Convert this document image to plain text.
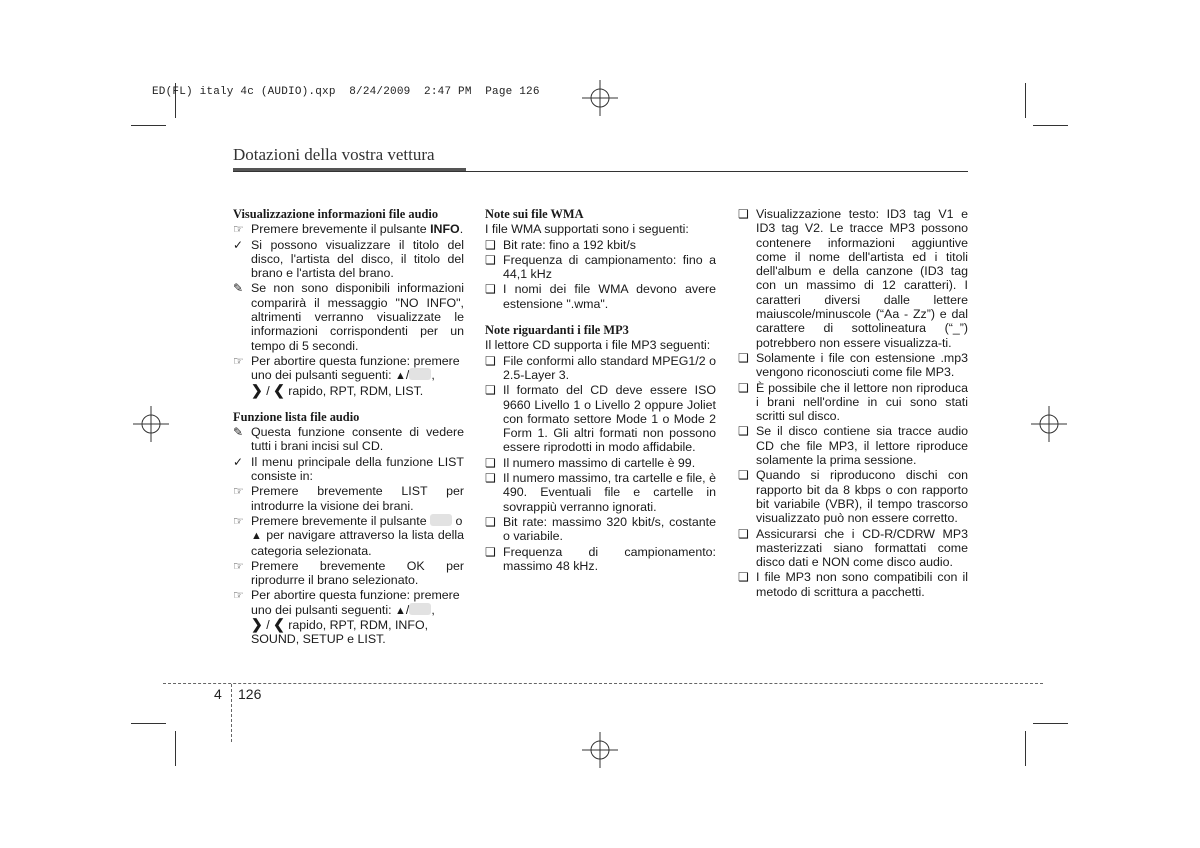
ED(FL) italy 4c (AUDIO).qxp  8/24/2009  2:47 PM  Page 126
Dotazioni della vostra vettura
Visualizzazione informazioni file audio
☞ Premere brevemente il pulsante INFO.
✓ Si possono visualizzare il titolo del disco, l'artista del disco, il titolo del brano e l'artista del brano.
✎ Se non sono disponibili informazioni comparirà il messaggio "NO INFO", altrimenti verranno visualizzate le informazioni corrispondenti per un tempo di 5 secondi.
☞ Per abortire questa funzione: premere uno dei pulsanti seguenti: ▲/ ,
❯ / ❮ rapido, RPT, RDM, LIST.
Funzione lista file audio
✎ Questa funzione consente di vedere tutti i brani incisi sul CD.
✓ Il menu principale della funzione LIST consiste in:
☞ Premere brevemente LIST per introdurre la visione dei brani.
☞ Premere brevemente il pulsante  o
▲ per navigare attraverso la lista della categoria selezionata.
☞ Premere brevemente OK per riprodurre il brano selezionato.
☞ Per abortire questa funzione: premere uno dei pulsanti seguenti: ▲/ ,
❯ / ❮ rapido, RPT, RDM, INFO, SOUND, SETUP e LIST.
Note sui file WMA
I file WMA supportati sono i seguenti:
❑ Bit rate: fino a 192 kbit/s
❑ Frequenza di campionamento: fino a 44,1 kHz
❑ I nomi dei file WMA devono avere estensione ".wma".
Note riguardanti i file MP3
Il lettore CD supporta i file MP3 seguenti:
❑ File conformi allo standard MPEG1/2 o 2.5-Layer 3.
❑ Il formato del CD deve essere ISO 9660 Livello 1 o Livello 2 oppure Joliet con formato settore Mode 1 o Mode 2 Form 1. Gli altri formati non possono essere riprodotti in modo affidabile.
❑ Il numero massimo di cartelle è 99.
❑ Il numero massimo, tra cartelle e file, è 490. Eventuali file e cartelle in sovrappiù verranno ignorati.
❑ Bit rate: massimo 320 kbit/s, costante o variabile.
❑ Frequenza di campionamento: massimo 48 kHz.
❑ Visualizzazione testo: ID3 tag V1 e ID3 tag V2. Le tracce MP3 possono contenere informazioni aggiuntive come il nome dell'artista ed i titoli dell'album e della canzone (ID3 tag con un massimo di 12 caratteri). I caratteri diversi dalle lettere maiuscole/minuscole (“Aa - Zz”) e dal carattere di sottolineatura (“_”) potrebbero non essere visualizza-ti.
❑ Solamente i file con estensione .mp3 vengono riconosciuti come file MP3.
❑ È possibile che il lettore non riproduca i brani nell'ordine in cui sono stati scritti sul disco.
❑ Se il disco contiene sia tracce audio CD che file MP3, il lettore riproduce solamente la prima sessione.
❑ Quando si riproducono dischi con rapporto bit da 8 kbps o con rapporto bit variabile (VBR), il tempo trascorso visualizzato può non essere corretto.
❑ Assicurarsi che i CD-R/CDRW MP3 masterizzati siano formattati come disco dati e NON come disco audio.
❑ I file MP3 non sono compatibili con il metodo di scrittura a pacchetti.
4 126
